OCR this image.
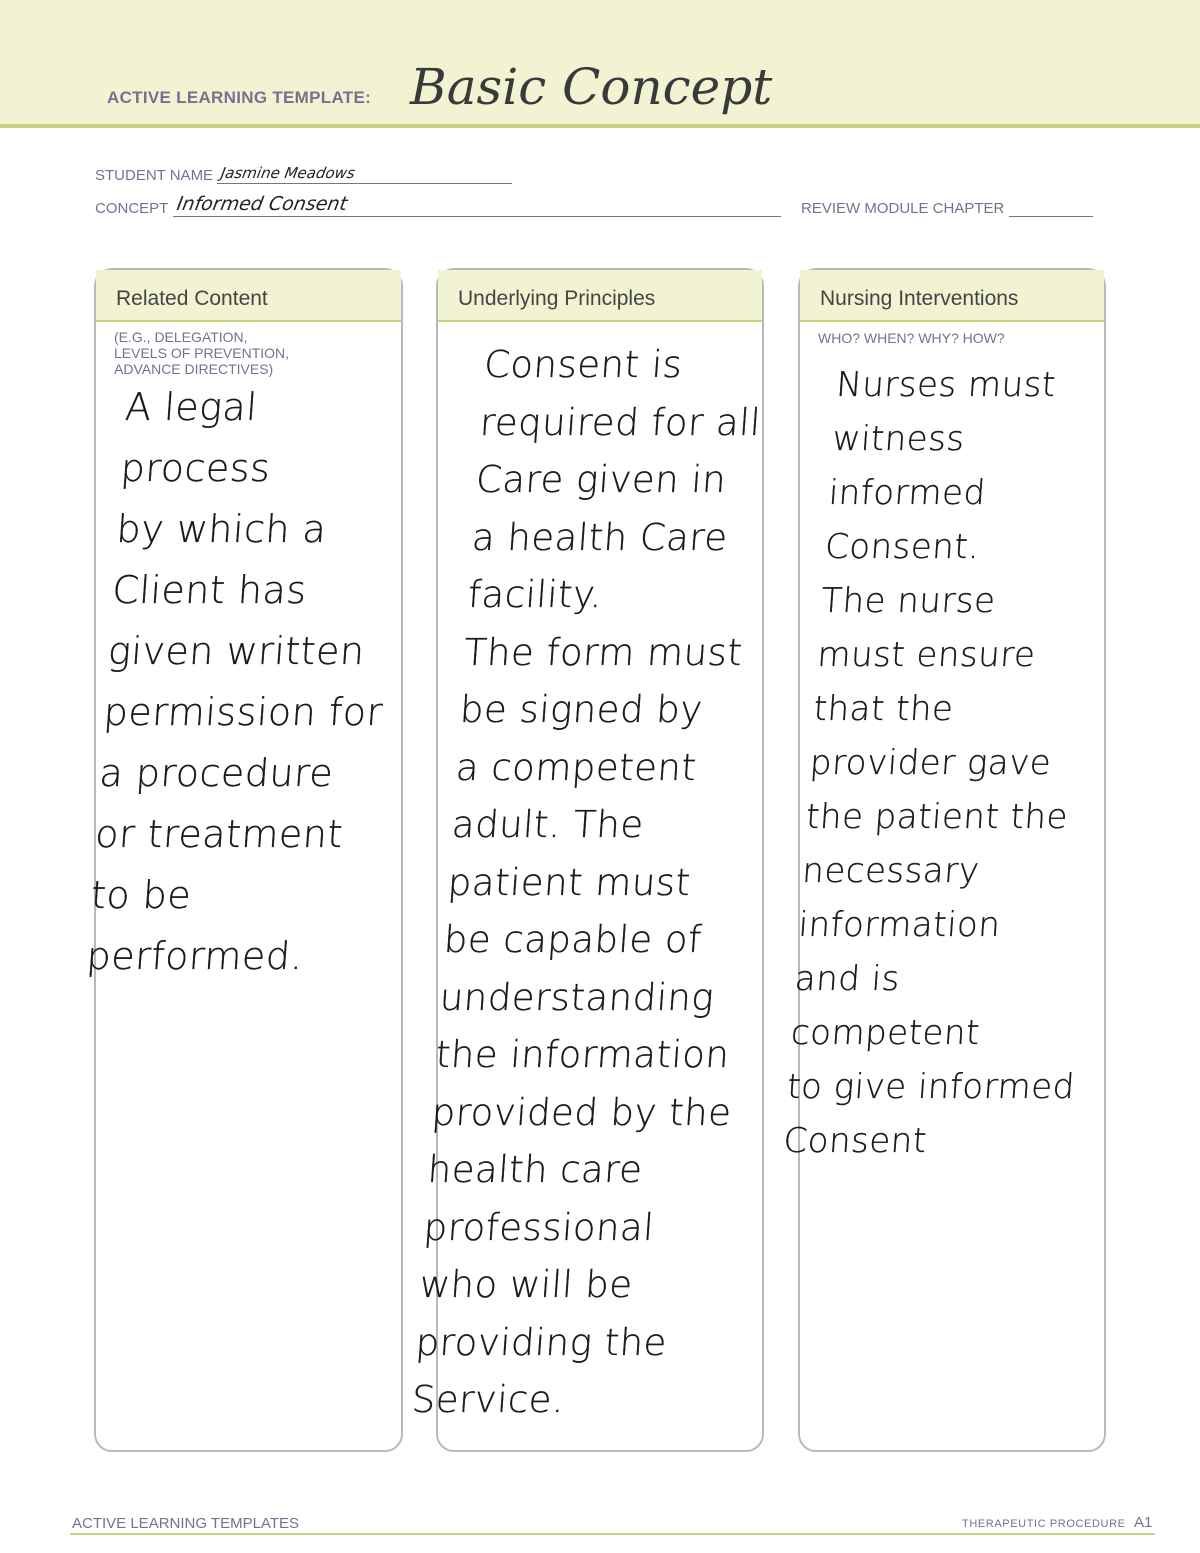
ACTIVE LEARNING TEMPLATE: Basic Concept
STUDENT NAME Jasmine Meadows
CONCEPT Informed Consent	REVIEW MODULE CHAPTER
Related Content
(E.G., DELEGATION,
LEVELS OF PREVENTION,
ADVANCE DIRECTIVES)
A legal process
by which a
Client has
given written
permission for
a procedure
or treatment
to be performed.
Underlying Principles
Consent is
required for all
Care given in
a health Care
facility.
The form must
be signed by
a competent
adult. The
patient must
be capable of
understanding
the information
provided by the
health care
professional
who will be
providing the
Service.
Nursing Interventions
WHO? WHEN? WHY? HOW?
Nurses must
witness informed
Consent.
The nurse
must ensure
that the
provider gave
the patient the
necessary
information
and is competent
to give informed
Consent
ACTIVE LEARNING TEMPLATES	THERAPEUTIC PROCEDURE A1
